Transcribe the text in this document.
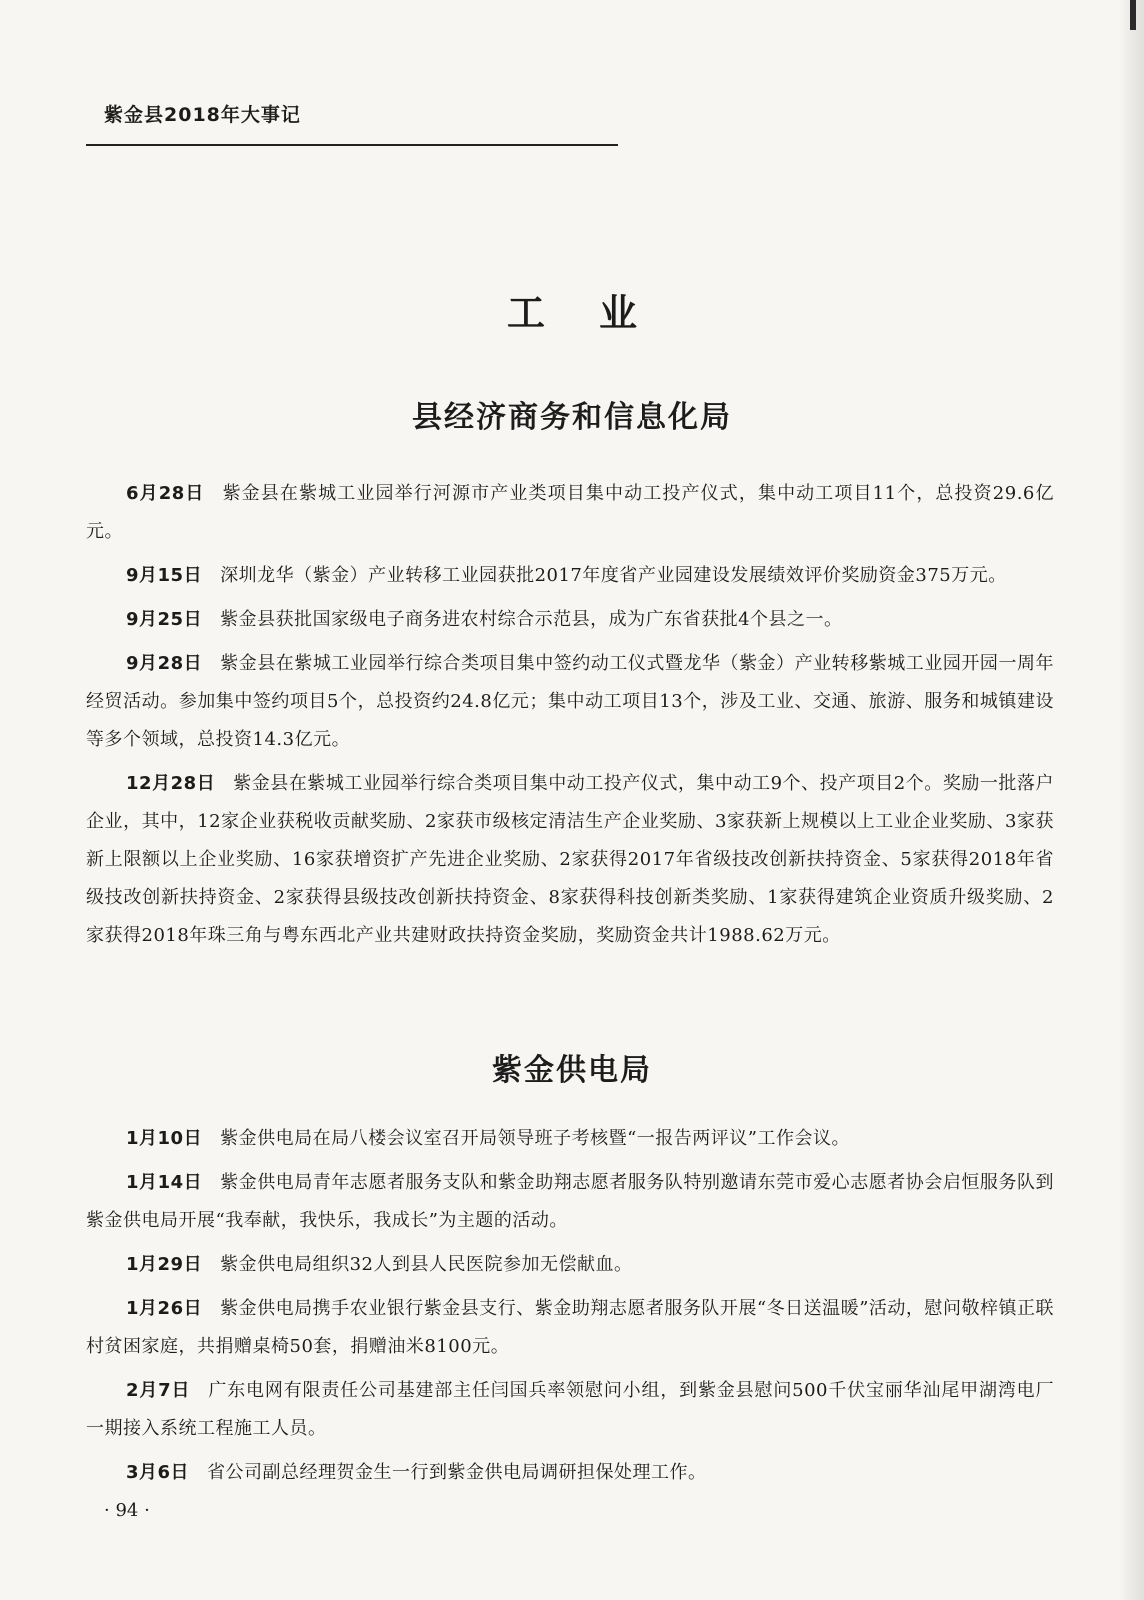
紫金县2018年大事记
工业
县经济商务和信息化局

6月28日 紫金县在紫城工业园举行河源市产业类项目集中动工投产仪式，集中动工项目11个，总投资29.6亿元。

9月15日 深圳龙华（紫金）产业转移工业园获批2017年度省产业园建设发展绩效评价奖励资金375万元。

9月25日 紫金县获批国家级电子商务进农村综合示范县，成为广东省获批4个县之一。

9月28日 紫金县在紫城工业园举行综合类项目集中签约动工仪式暨龙华（紫金）产业转移紫城工业园开园一周年经贸活动。参加集中签约项目5个，总投资约24.8亿元；集中动工项目13个，涉及工业、交通、旅游、服务和城镇建设等多个领域，总投资14.3亿元。

12月28日 紫金县在紫城工业园举行综合类项目集中动工投产仪式，集中动工9个、投产项目2个。奖励一批落户企业，其中，12家企业获税收贡献奖励、2家获市级核定清洁生产企业奖励、3家获新上规模以上工业企业奖励、3家获新上限额以上企业奖励、16家获增资扩产先进企业奖励、2家获得2017年省级技改创新扶持资金、5家获得2018年省级技改创新扶持资金、2家获得县级技改创新扶持资金、8家获得科技创新类奖励、1家获得建筑企业资质升级奖励、2家获得2018年珠三角与粤东西北产业共建财政扶持资金奖励，奖励资金共计1988.62万元。

紫金供电局

1月10日 紫金供电局在局八楼会议室召开局领导班子考核暨“一报告两评议”工作会议。

1月14日 紫金供电局青年志愿者服务支队和紫金助翔志愿者服务队特别邀请东莞市爱心志愿者协会启恒服务队到紫金供电局开展“我奉献，我快乐，我成长”为主题的活动。

1月29日 紫金供电局组织32人到县人民医院参加无偿献血。

1月26日 紫金供电局携手农业银行紫金县支行、紫金助翔志愿者服务队开展“冬日送温暖”活动，慰问敬梓镇正联村贫困家庭，共捐赠桌椅50套，捐赠油米8100元。

2月7日 广东电网有限责任公司基建部主任闫国兵率领慰问小组，到紫金县慰问500千伏宝丽华汕尾甲湖湾电厂一期接入系统工程施工人员。

3月6日 省公司副总经理贺金生一行到紫金供电局调研担保处理工作。

· 94 ·
